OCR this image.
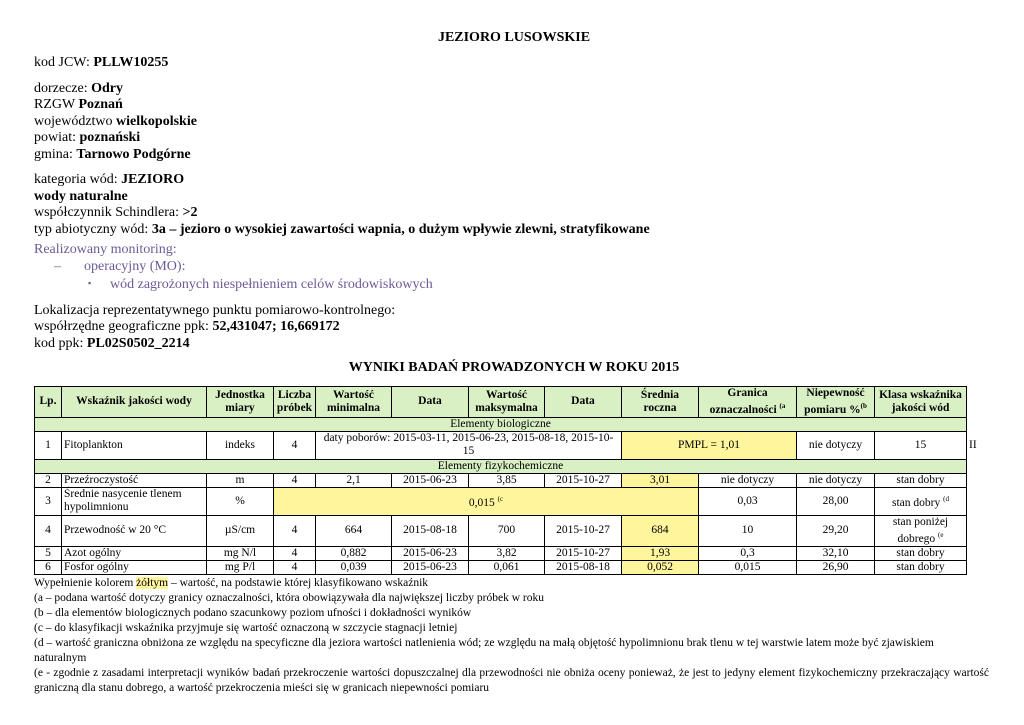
JEZIORO LUSOWSKIE
kod JCW: PLLW10255
dorzecze: Odry
RZGW Poznań
województwo wielkopolskie
powiat: poznański
gmina: Tarnowo Podgórne
kategoria wód: JEZIORO
wody naturalne
współczynnik Schindlera: >2
typ abiotyczny wód: 3a – jezioro o wysokiej zawartości wapnia, o dużym wpływie zlewni, stratyfikowane
Realizowany monitoring:
– operacyjny (MO):
▪ wód zagrożonych niespełnieniem celów środowiskowych
Lokalizacja reprezentatywnego punktu pomiarowo-kontrolnego:
współrzędne geograficzne ppk: 52,431047; 16,669172
kod ppk: PL02S0502_2214
WYNIKI BADAŃ PROWADZONYCH W ROKU 2015
Lp.	Wskaźnik jakości wody	Jednostka miary	Liczba próbek	Wartość minimalna	Data	Wartość maksymalna	Data	Średnia roczna	Granica oznaczalności $^{(a}$	Niepewność pomiaru %$^{(b}$	Klasa wskaźnika jakości wód	
Elementy biologiczne												
1	Fitoplankton	indeks	4	daty poborów: 2015-03-11, 2015-06-23, 2015-08-18, 2015-10-15				PMPL = 1,01		nie dotyczy	15	II
Elementy fizykochemiczne												
2	Przeźroczystość	m	4	2,1	2015-06-23	3,85	2015-10-27	3,01	nie dotyczy	nie dotyczy	stan dobry	
3	Średnie nasycenie tlenem hypolimnionu	%	0,015 $^{(c}$						0,03	28,00	stan dobry $^{(d}$
4	Przewodność w 20 °C	µS/cm	4	664	2015-08-18	700	2015-10-27	684	10	29,20	stan poniżej dobrego $^{(e}$
5	Azot ogólny	mg N/l	4	0,882	2015-06-23	3,82	2015-10-27	1,93	0,3	32,10	stan dobry	
6	Fosfor ogólny	mg P/l	4	0,039	2015-06-23	0,061	2015-08-18	0,052	0,015	26,90	stan dobry	
Wypełnienie kolorem żółtym – wartość, na podstawie której klasyfikowano wskaźnik
(a – podana wartość dotyczy granicy oznaczalności, która obowiązywała dla największej liczby próbek w roku
(b – dla elementów biologicznych podano szacunkowy poziom ufności i dokładności wyników
(c – do klasyfikacji wskaźnika przyjmuje się wartość oznaczoną w szczycie stagnacji letniej
(d – wartość graniczna obniżona ze względu na specyficzne dla jeziora wartości natlenienia wód; ze względu na małą objętość hypolimnionu brak tlenu w tej warstwie latem może być zjawiskiem naturalnym
(e - zgodnie z zasadami interpretacji wyników badań przekroczenie wartości dopuszczalnej dla przewodności nie obniża oceny ponieważ, że jest to jedyny element fizykochemiczny przekraczający wartość graniczną dla stanu dobrego, a wartość przekroczenia mieści się w granicach niepewności pomiaru
